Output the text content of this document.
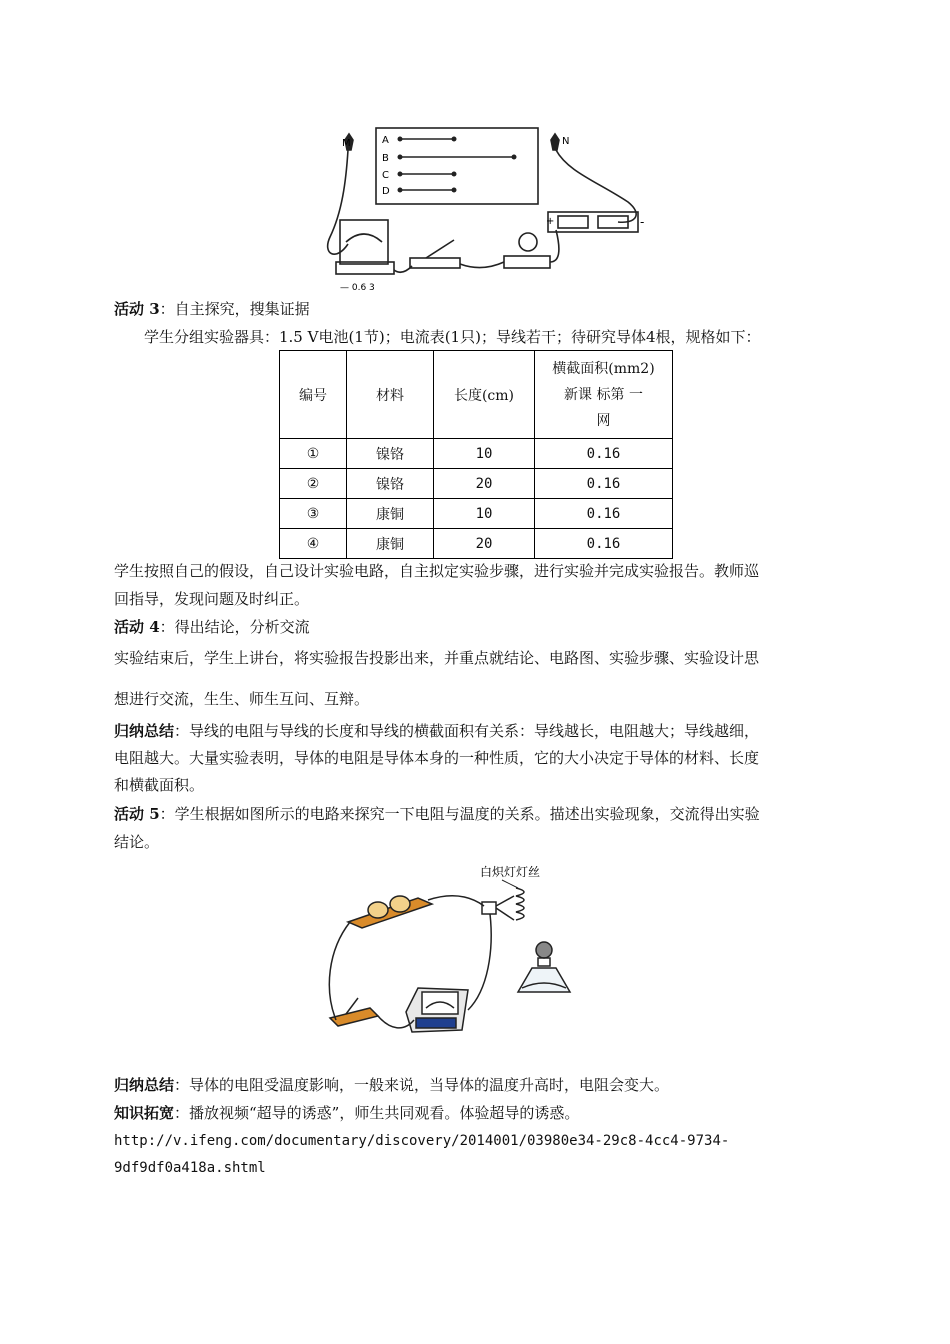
M	N
A
B
C
D
— 0.6 3
+	-
活动 3：自主探究，搜集证据
学生分组实验器具：1.5 V电池(1节)；电流表(1只)；导线若干；待研究导体4根，规格如下：
编号	材料	长度(cm)	横截面积(mm2)
新课 标第 一
网

①	镍铬	10	0.16
②	镍铬	20	0.16
③	康铜	10	0.16
④	康铜	20	0.16
学生按照自己的假设，自己设计实验电路，自主拟定实验步骤，进行实验并完成实验报告。教师巡
回指导，发现问题及时纠正。
活动 4：得出结论，分析交流
实验结束后，学生上讲台，将实验报告投影出来，并重点就结论、电路图、实验步骤、实验设计思
想进行交流，生生、师生互问、互辩。
归纳总结：导线的电阻与导线的长度和导线的横截面积有关系：导线越长，电阻越大；导线越细，
电阻越大。大量实验表明，导体的电阻是导体本身的一种性质，它的大小决定于导体的材料、长度
和横截面积。
活动 5：学生根据如图所示的电路来探究一下电阻与温度的关系。描述出实验现象，交流得出实验
结论。
白炽灯灯丝
归纳总结：导体的电阻受温度影响，一般来说，当导体的温度升高时，电阻会变大。
知识拓宽：播放视频“超导的诱惑”，师生共同观看。体验超导的诱惑。
http://v.ifeng.com/documentary/discovery/2014001/03980e34-29c8-4cc4-9734-
9df9df0a418a.shtml
